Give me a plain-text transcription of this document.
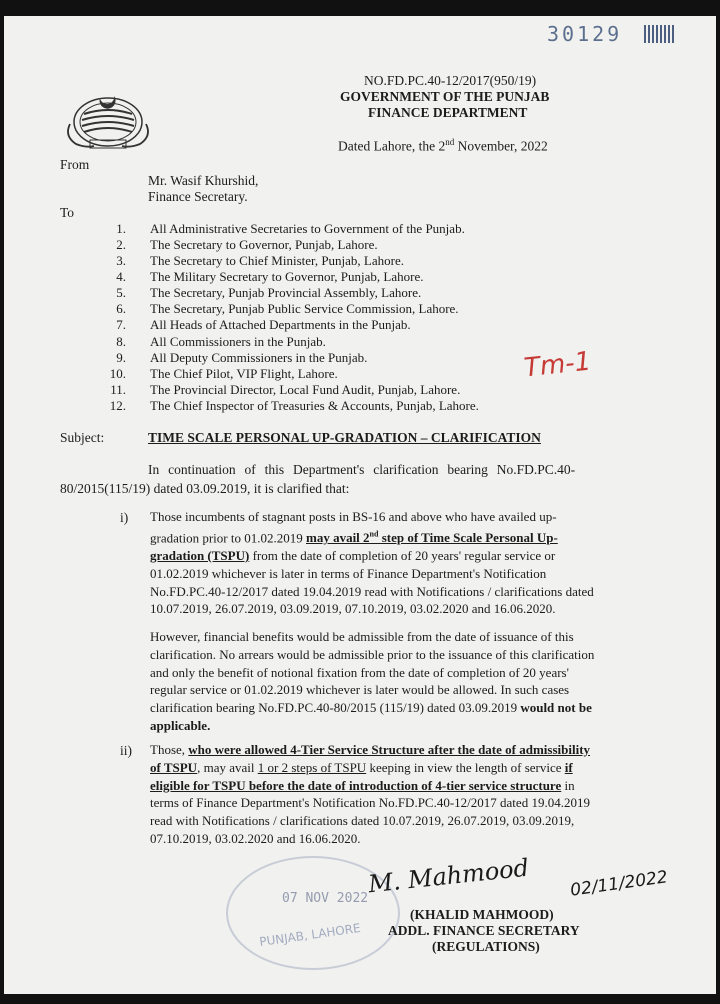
30129
NO.FD.PC.40-12/2017(950/19)
GOVERNMENT OF THE PUNJAB
FINANCE DEPARTMENT
Dated Lahore, the 2nd November, 2022
From
Mr. Wasif Khurshid,
Finance Secretary.
To
1. All Administrative Secretaries to Government of the Punjab.
2. The Secretary to Governor, Punjab, Lahore.
3. The Secretary to Chief Minister, Punjab, Lahore.
4. The Military Secretary to Governor, Punjab, Lahore.
5. The Secretary, Punjab Provincial Assembly, Lahore.
6. The Secretary, Punjab Public Service Commission, Lahore.
7. All Heads of Attached Departments in the Punjab.
8. All Commissioners in the Punjab.
9. All Deputy Commissioners in the Punjab.
10. The Chief Pilot, VIP Flight, Lahore.
11. The Provincial Director, Local Fund Audit, Punjab, Lahore.
12. The Chief Inspector of Treasuries & Accounts, Punjab, Lahore.
Tm-1
Subject:	TIME SCALE PERSONAL UP-GRADATION – CLARIFICATION
In continuation of this Department's clarification bearing No.FD.PC.40-
80/2015(115/19) dated 03.09.2019, it is clarified that:
i) Those incumbents of stagnant posts in BS-16 and above who have availed up-
gradation prior to 01.02.2019 may avail 2nd step of Time Scale Personal Up-
gradation (TSPU) from the date of completion of 20 years' regular service or
01.02.2019 whichever is later in terms of Finance Department's Notification
No.FD.PC.40-12/2017 dated 19.04.2019 read with Notifications / clarifications dated
10.07.2019, 26.07.2019, 03.09.2019, 07.10.2019, 03.02.2020 and 16.06.2020.
However, financial benefits would be admissible from the date of issuance of this
clarification. No arrears would be admissible prior to the issuance of this clarification
and only the benefit of notional fixation from the date of completion of 20 years'
regular service or 01.02.2019 whichever is later would be allowed. In such cases
clarification bearing No.FD.PC.40-80/2015 (115/19) dated 03.09.2019 would not be
applicable.
ii) Those, who were allowed 4-Tier Service Structure after the date of admissibility
of TSPU, may avail 1 or 2 steps of TSPU keeping in view the length of service if
eligible for TSPU before the date of introduction of 4-tier service structure in
terms of Finance Department's Notification No.FD.PC.40-12/2017 dated 19.04.2019
read with Notifications / clarifications dated 10.07.2019, 26.07.2019, 03.09.2019,
07.10.2019, 03.02.2020 and 16.06.2020.
07 NOV 2022
PUNJAB, LAHORE
M. Mahmood 02/11/2022
(KHALID MAHMOOD)
ADDL. FINANCE SECRETARY
(REGULATIONS)
